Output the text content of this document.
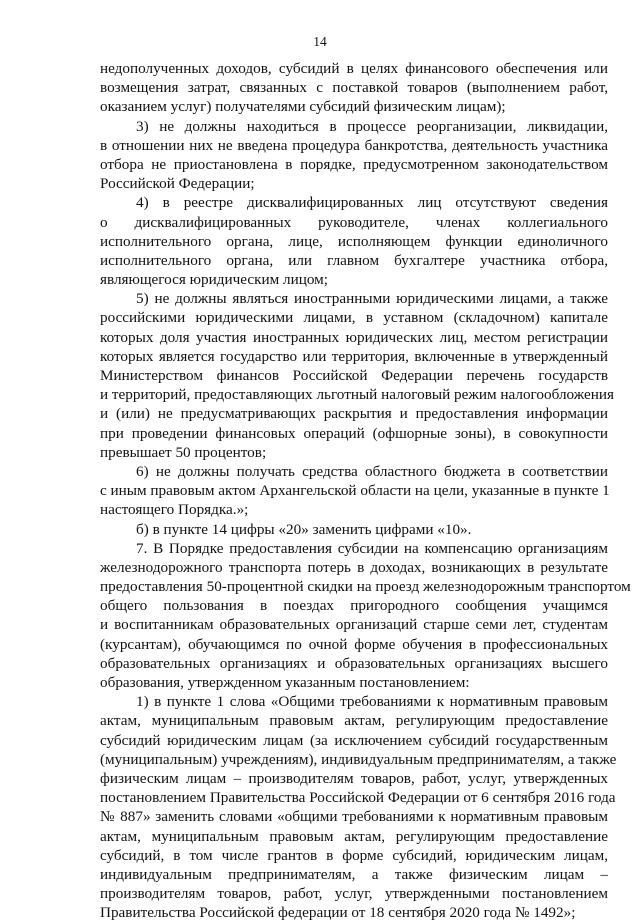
14
недополученных доходов, субсидий в целях финансового обеспечения или
возмещения затрат, связанных с поставкой товаров (выполнением работ,
оказанием услуг) получателями субсидий физическим лицам);
3) не должны находиться в процессе реорганизации, ликвидации,
в отношении них не введена процедура банкротства, деятельность участника
отбора не приостановлена в порядке, предусмотренном законодательством
Российской Федерации;
4) в реестре дисквалифицированных лиц отсутствуют сведения
о дисквалифицированных руководителе, членах коллегиального
исполнительного органа, лице, исполняющем функции единоличного
исполнительного органа, или главном бухгалтере участника отбора,
являющегося юридическим лицом;
5) не должны являться иностранными юридическими лицами, а также
российскими юридическими лицами, в уставном (складочном) капитале
которых доля участия иностранных юридических лиц, местом регистрации
которых является государство или территория, включенные в утвержденный
Министерством финансов Российской Федерации перечень государств
и территорий, предоставляющих льготный налоговый режим налогообложения
и (или) не предусматривающих раскрытия и предоставления информации
при проведении финансовых операций (офшорные зоны), в совокупности
превышает 50 процентов;
6) не должны получать средства областного бюджета в соответствии
с иным правовым актом Архангельской области на цели, указанные в пункте 1
настоящего Порядка.»;
б) в пункте 14 цифры «20» заменить цифрами «10».
7. В Порядке предоставления субсидии на компенсацию организациям
железнодорожного транспорта потерь в доходах, возникающих в результате
предоставления 50-процентной скидки на проезд железнодорожным транспортом
общего пользования в поездах пригородного сообщения учащимся
и воспитанникам образовательных организаций старше семи лет, студентам
(курсантам), обучающимся по очной форме обучения в профессиональных
образовательных организациях и образовательных организациях высшего
образования, утвержденном указанным постановлением:
1) в пункте 1 слова «Общими требованиями к нормативным правовым
актам, муниципальным правовым актам, регулирующим предоставление
субсидий юридическим лицам (за исключением субсидий государственным
(муниципальным) учреждениям), индивидуальным предпринимателям, а также
физическим лицам – производителям товаров, работ, услуг, утвержденных
постановлением Правительства Российской Федерации от 6 сентября 2016 года
№ 887» заменить словами «общими требованиями к нормативным правовым
актам, муниципальным правовым актам, регулирующим предоставление
субсидий, в том числе грантов в форме субсидий, юридическим лицам,
индивидуальным предпринимателям, а также физическим лицам –
производителям товаров, работ, услуг, утвержденными постановлением
Правительства Российской федерации от 18 сентября 2020 года № 1492»;
